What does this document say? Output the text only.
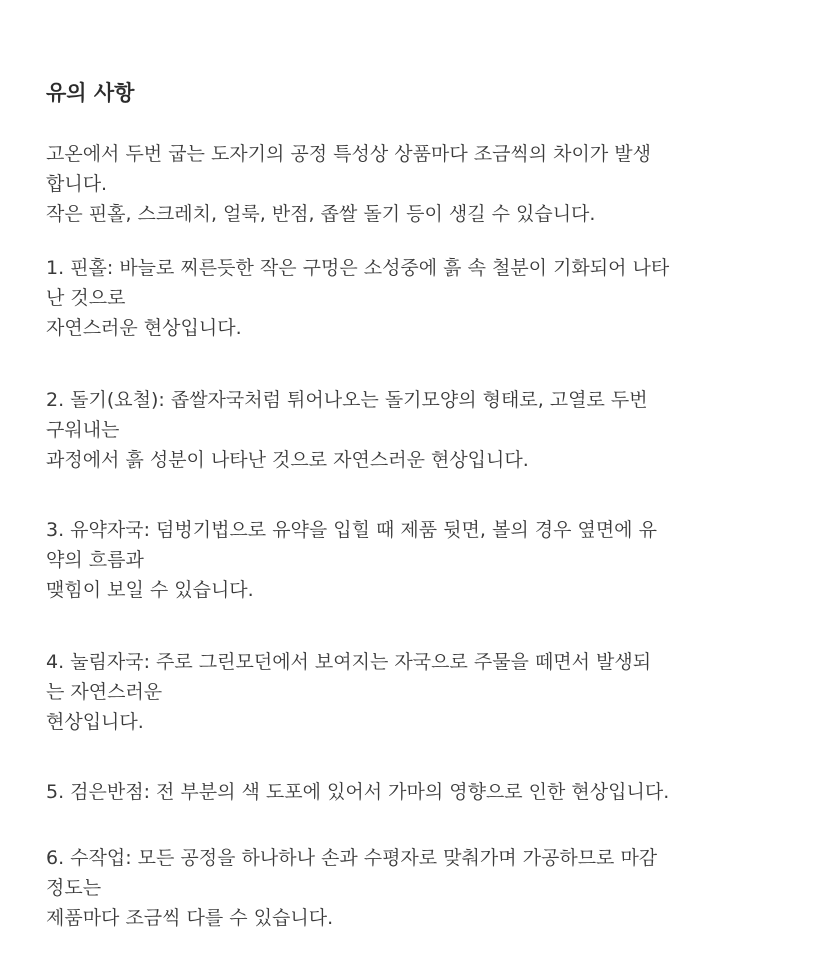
유의 사항

고온에서 두번 굽는 도자기의 공정 특성상 상품마다 조금씩의 차이가 발생
합니다.
작은 핀홀, 스크레치, 얼룩, 반점, 좁쌀 돌기 등이 생길 수 있습니다.

1. 핀홀: 바늘로 찌른듯한 작은 구멍은 소성중에 흙 속 철분이 기화되어 나타
난 것으로
자연스러운 현상입니다.

2. 돌기(요철): 좁쌀자국처럼 튀어나오는 돌기모양의 형태로, 고열로 두번
구워내는
과정에서 흙 성분이 나타난 것으로 자연스러운 현상입니다.

3. 유약자국: 덤벙기법으로 유약을 입힐 때 제품 뒷면, 볼의 경우 옆면에 유
약의 흐름과
맺힘이 보일 수 있습니다.

4. 눌림자국: 주로 그린모던에서 보여지는 자국으로 주물을 떼면서 발생되
는 자연스러운
현상입니다.

5. 검은반점: 전 부분의 색 도포에 있어서 가마의 영향으로 인한 현상입니다.

6. 수작업: 모든 공정을 하나하나 손과 수평자로 맞춰가며 가공하므로 마감
정도는
제품마다 조금씩 다를 수 있습니다.
